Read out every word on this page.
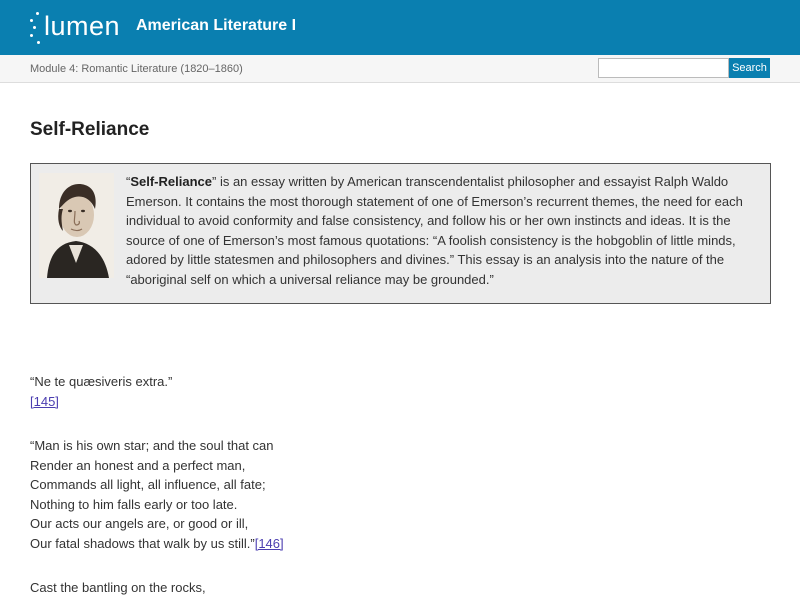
lumen American Literature I
Module 4: Romantic Literature (1820–1860)	Search
Self-Reliance
“Self-Reliance” is an essay written by American transcendentalist philosopher and essayist Ralph Waldo Emerson. It contains the most thorough statement of one of Emerson’s recurrent themes, the need for each individual to avoid conformity and false consistency, and follow his or her own instincts and ideas. It is the source of one of Emerson’s most famous quotations: “A foolish consistency is the hobgoblin of little minds, adored by little statesmen and philosophers and divines.” This essay is an analysis into the nature of the “aboriginal self on which a universal reliance may be grounded.”
“Ne te quæsiveris extra.”
[145]
“Man is his own star; and the soul that can
Render an honest and a perfect man,
Commands all light, all influence, all fate;
Nothing to him falls early or too late.
Our acts our angels are, or good or ill,
Our fatal shadows that walk by us still.”[146]
Cast the bantling on the rocks,
